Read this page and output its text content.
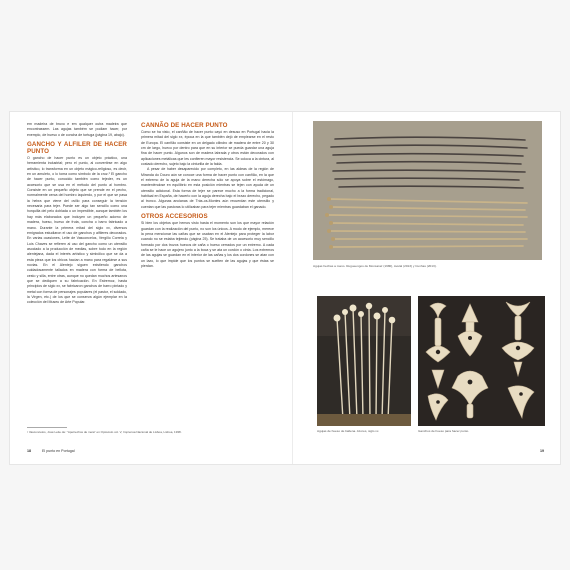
em madeira de bruxo e em qualquer outra madeira que encontrassem. Las agujas também se podiam hacer, por exemplo, de hueso o de concha de tortuga (página 19, abajo).

GANCHO Y ALFILER DE HACER PUNTO

O gancho de hacer punto es un objeto práctico, una herramienta industrial; pero el punto, al convertirse en algo artístico, lo transforma en un objeto mágico-religioso, es decir, en un amuleto, o lo toma como símbolo de la cruz.¹ El gancho de hacer punto, conocido también como tejeder, es un accesorio que se usa en el método del punto al hombro. Consiste en un pequeño objeto que se prende en el pecho, normalmente cerca del hombro izquierdo, y por el que se pasa la hebra que viene del ovillo para conseguir la tensión necesaria para tejer. Puede ser algo tan sencillo como una horquilla del pelo doblada o un imperdible, aunque también los hay más elaborados que incluyen un pequeño adorno de madera, hueso, hueso de fruta, concha o barro fabricado a mano. Durante la primera mitad del siglo xx, diversos emigrados estudiaron el uso de ganchos y alfileres decorados. En varias ocasiones, Leite de Vasconcelos, Vergílio Correia y Luís Chaves se refieren al uso del gancho como un utensilio asociado a la producción de medias, sobre todo en la región alentejana, dada el interés artístico y simbólico que se da a esta pieza que los chicos hacían a mano para regalárse a sus novias. En el Alentejo siguen existiendo ganchos cuidadosamente tallados en madera con forma de bellota, cesto y silla, entre otras, aunque no quedan muchos artesanos que se dediquen a su fabricación. En Estremoz, hasta principios de siglo xx, se fabricaron ganchos de barro pintado y metal con forma de personajes populares (el pastor, el soldado, la Virgen, etc.) de los que se conserva algún ejemplar en la colección del Museu de Arte Popular.

CANNÃO DE HACER PUNTO

Como se ha visto, el canñão de hacer punto cayó en desuso en Portugal hacia la primera mitad del siglo xx, época en la que también dejó de emplearse en el resto de Europa. El canñão consiste en un delgado cilindro de madera de entre 20 y 30 cm de largo, hueco por dentro para que en su interior se pueda guardar una aguja fina de hacer punto. Algunos son de madera labrada y otros están decorados con aplicaciones metálicas que les confieren mayor resistencia. Se coloca a la cintura, al costado derecho, sujeto bajo la cinturilla de la falda.

A pesar de haber desaparecido por completo, en las aldeas de la región de Miranda do Douro aún se conoce una forma de hacer punto con canñão, en la que el extremo de la aguja de la mano derecha sólo se apoya sobre el estómago, manteniéndose en equilibrio en esta posición mientras se tejen con ayuda de un utensilio adicional. Esta forma de tejer se parece mucho a la forma tradicional, habitual en España, de hacerlo con la aguja derecha bajo el brazo derecho, pegado al tronco. Algunas ancianas de Trás-os-Montes aún recuerdan este utensilio y cuentan que las pastoras lo utilizaban para tejer mientras guardaban el ganado.

OTROS ACCESORIOS

Si bien los objetos que hemos visto hasta el momento son los que mayor relación guardan con la realización del punto, no son los únicos. A modo de ejemplo, merece la pena mencionar las cañas que se usaban en el Alentejo para proteger la labor cuando no se estaba tejiendo (página 25). Se trataba de un accesorio muy sencillo formado por dos trozos huecos de caña o hueso cerrados por un extremo. A cada caña se le hace un agujero junto a la boca y se ata un cordón o cinta. Los extremos de las agujas se guardan en el interior de las cañas y los dos cordones se atan con un lazo, lo que impide que los puntos se suelten de las agujas y que éstas se pierdan.

¹ Vasconcelos, José Leite de: "Apetrechos de meia" en Opúsculo vol. V, Imprensa Nacional de Lisboa, Lisboa, 1938.
18	El punto en Portugal	19
Agujas hechas a mano. Regueengos de Monsaraz (1980), Avelal (2013) y Cunhas (2013).
Agujas de hueso de ballena. Azores, siglo xx.	Ganchos de hueso para hacer punto.
